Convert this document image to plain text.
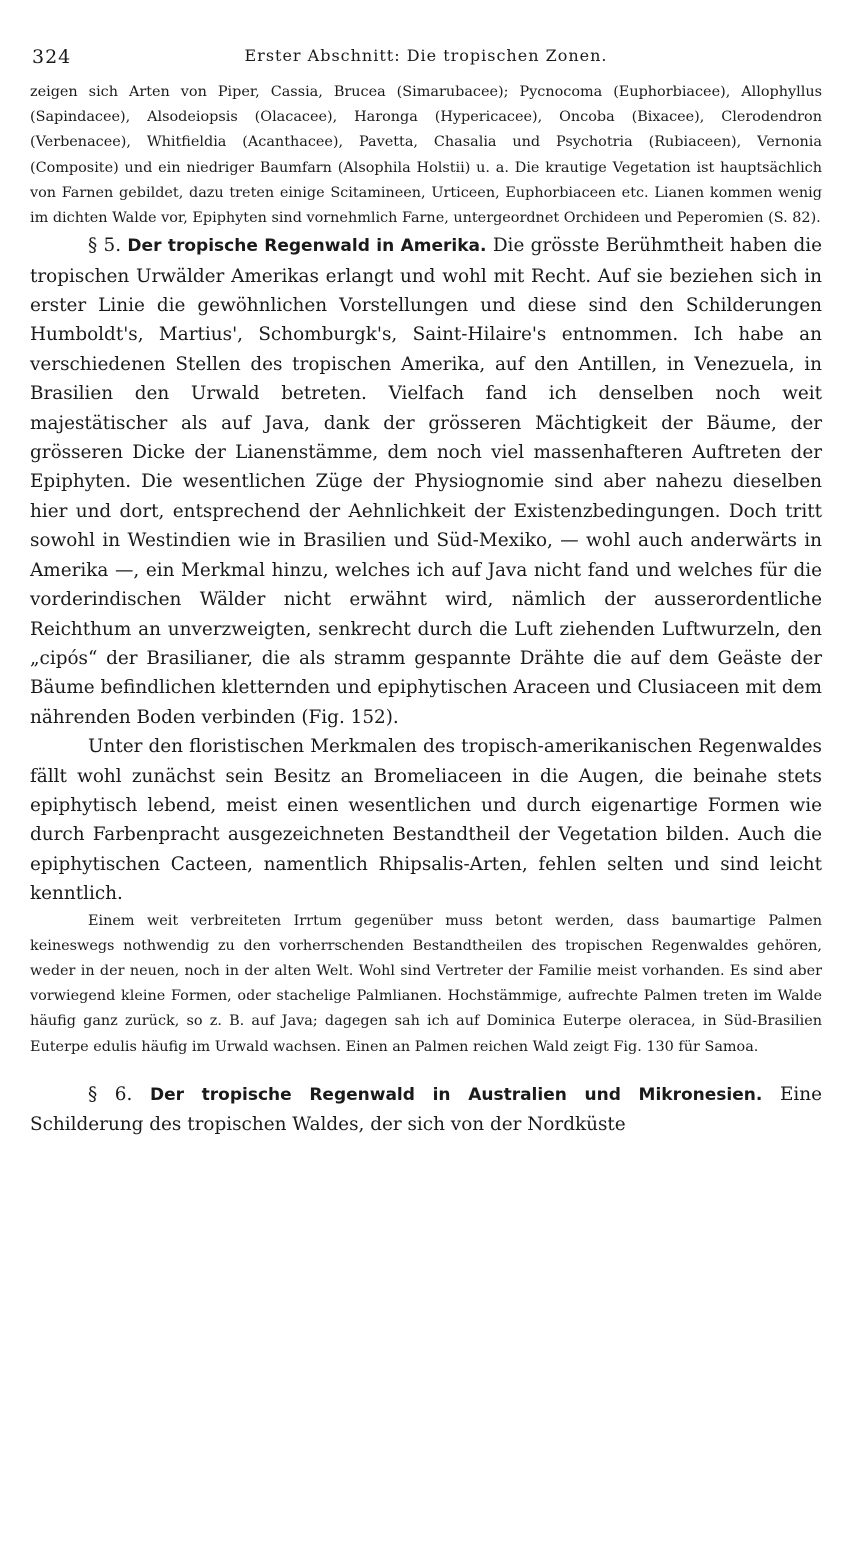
324	Erster Abschnitt: Die tropischen Zonen.

zeigen sich Arten von Piper, Cassia, Brucea (Simarubacee); Pycnocoma (Euphorbiacee), Allophyllus (Sapindacee), Alsodeiopsis (Olacacee), Haronga (Hypericacee), Oncoba (Bixacee), Clerodendron (Verbenacee), Whitfieldia (Acanthacee), Pavetta, Chasalia und Psychotria (Rubiaceen), Vernonia (Composite) und ein niedriger Baumfarn (Alsophila Holstii) u. a. Die krautige Vegetation ist hauptsächlich von Farnen gebildet, dazu treten einige Scitamineen, Urticeen, Euphorbiaceen etc. Lianen kommen wenig im dichten Walde vor, Epiphyten sind vornehmlich Farne, untergeordnet Orchideen und Peperomien (S. 82).

§ 5. Der tropische Regenwald in Amerika. Die grösste Berühmtheit haben die tropischen Urwälder Amerikas erlangt und wohl mit Recht. Auf sie beziehen sich in erster Linie die gewöhnlichen Vorstellungen und diese sind den Schilderungen Humboldt's, Martius', Schomburgk's, Saint-Hilaire's entnommen. Ich habe an verschiedenen Stellen des tropischen Amerika, auf den Antillen, in Venezuela, in Brasilien den Urwald betreten. Vielfach fand ich denselben noch weit majestätischer als auf Java, dank der grösseren Mächtigkeit der Bäume, der grösseren Dicke der Lianenstämme, dem noch viel massenhafteren Auftreten der Epiphyten. Die wesentlichen Züge der Physiognomie sind aber nahezu dieselben hier und dort, entsprechend der Aehnlichkeit der Existenzbedingungen. Doch tritt sowohl in Westindien wie in Brasilien und Süd-Mexiko, — wohl auch anderwärts in Amerika —, ein Merkmal hinzu, welches ich auf Java nicht fand und welches für die vorderindischen Wälder nicht erwähnt wird, nämlich der ausserordentliche Reichthum an unverzweigten, senkrecht durch die Luft ziehenden Luftwurzeln, den „cipós“ der Brasilianer, die als stramm gespannte Drähte die auf dem Geäste der Bäume befindlichen kletternden und epiphytischen Araceen und Clusiaceen mit dem nährenden Boden verbinden (Fig. 152).

Unter den floristischen Merkmalen des tropisch-amerikanischen Regenwaldes fällt wohl zunächst sein Besitz an Bromeliaceen in die Augen, die beinahe stets epiphytisch lebend, meist einen wesentlichen und durch eigenartige Formen wie durch Farbenpracht ausgezeichneten Bestandtheil der Vegetation bilden. Auch die epiphytischen Cacteen, namentlich Rhipsalis-Arten, fehlen selten und sind leicht kenntlich.

Einem weit verbreiteten Irrtum gegenüber muss betont werden, dass baumartige Palmen keineswegs nothwendig zu den vorherrschenden Bestandtheilen des tropischen Regenwaldes gehören, weder in der neuen, noch in der alten Welt. Wohl sind Vertreter der Familie meist vorhanden. Es sind aber vorwiegend kleine Formen, oder stachelige Palmlianen. Hochstämmige, aufrechte Palmen treten im Walde häufig ganz zurück, so z. B. auf Java; dagegen sah ich auf Dominica Euterpe oleracea, in Süd-Brasilien Euterpe edulis häufig im Urwald wachsen. Einen an Palmen reichen Wald zeigt Fig. 130 für Samoa.

§ 6. Der tropische Regenwald in Australien und Mikronesien. Eine Schilderung des tropischen Waldes, der sich von der Nordküste
